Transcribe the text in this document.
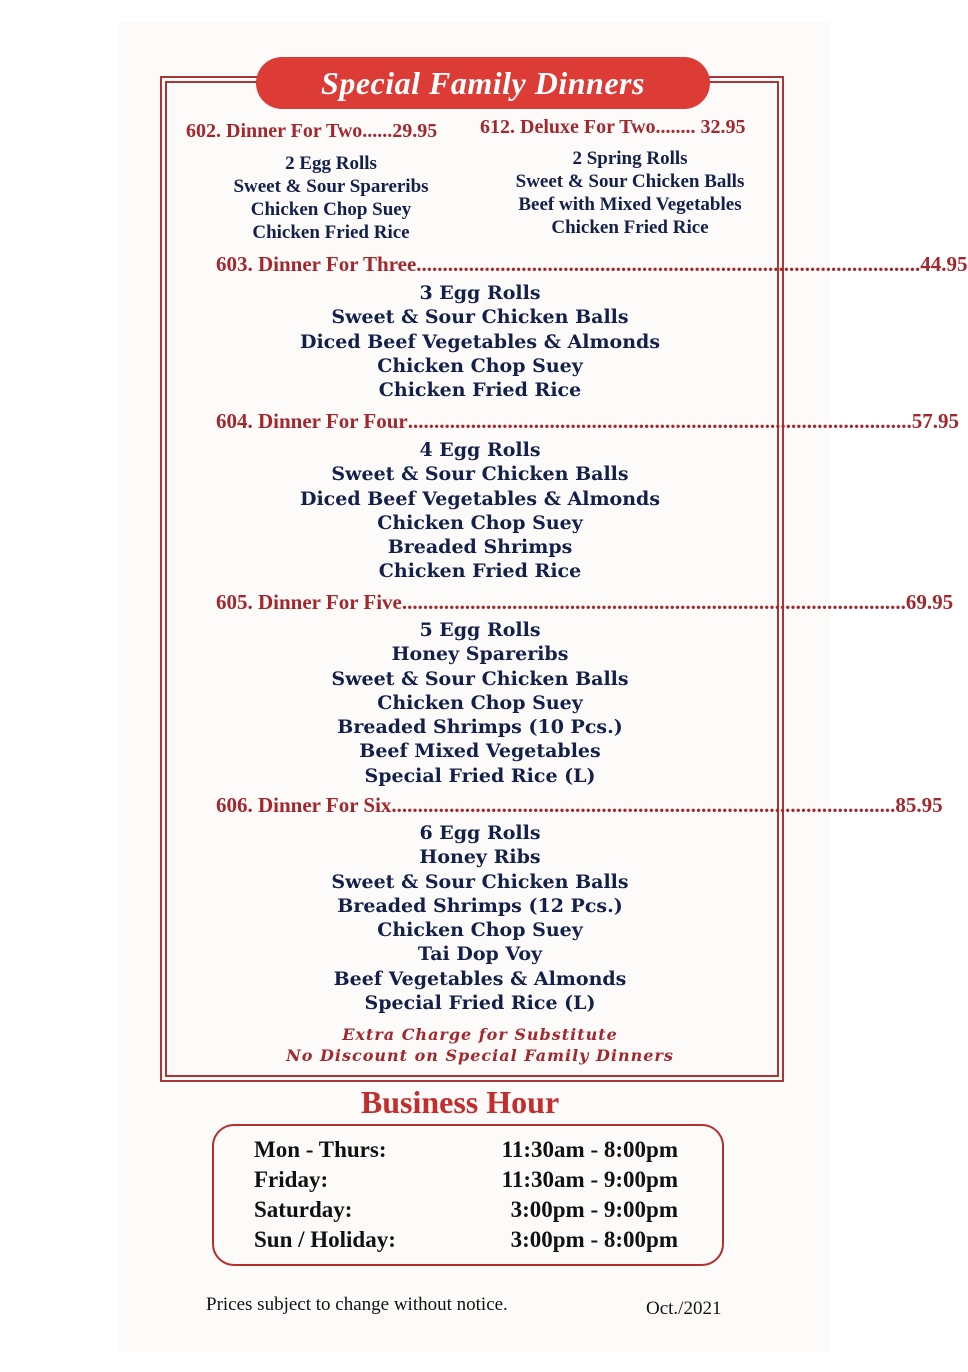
Special Family Dinners
602. Dinner For Two......29.95
2 Egg Rolls
Sweet & Sour Spareribs
Chicken Chop Suey
Chicken Fried Rice
612. Deluxe For Two........ 32.95
2 Spring Rolls
Sweet & Sour Chicken Balls
Beef with Mixed Vegetables
Chicken Fried Rice
603. Dinner For Three ................................................................................................ 44.95
3 Egg Rolls
Sweet & Sour Chicken Balls
Diced Beef Vegetables & Almonds
Chicken Chop Suey
Chicken Fried Rice
604. Dinner For Four ................................................................................................ 57.95
4 Egg Rolls
Sweet & Sour Chicken Balls
Diced Beef Vegetables & Almonds
Chicken Chop Suey
Breaded Shrimps
Chicken Fried Rice
605. Dinner For Five ................................................................................................ 69.95
5 Egg Rolls
Honey Spareribs
Sweet & Sour Chicken Balls
Chicken Chop Suey
Breaded Shrimps (10 Pcs.)
Beef Mixed Vegetables
Special Fried Rice (L)
606. Dinner For Six ................................................................................................ 85.95
6 Egg Rolls
Honey Ribs
Sweet & Sour Chicken Balls
Breaded Shrimps (12 Pcs.)
Chicken Chop Suey
Tai Dop Voy
Beef Vegetables & Almonds
Special Fried Rice (L)
Extra Charge for Substitute
No Discount on Special Family Dinners
Business Hour
Mon - Thurs:	11:30am - 8:00pm
Friday:	11:30am - 9:00pm
Saturday:	3:00pm - 9:00pm
Sun / Holiday:	3:00pm - 8:00pm
Prices subject to change without notice.	Oct./2021
